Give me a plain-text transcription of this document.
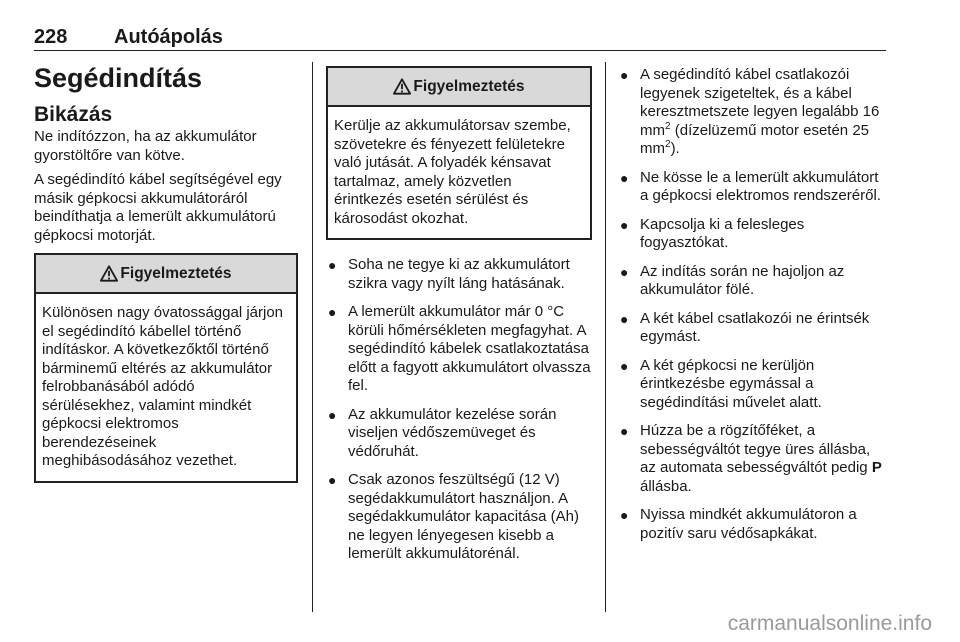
228 Autóápolás
Segédindítás
Bikázás

Ne indítózzon, ha az akkumulátor gyorstöltőre van kötve.

A segédindító kábel segítségével egy másik gépkocsi akkumulátoráról beindíthatja a lemerült akkumulátorú gépkocsi motorját.

Figyelmeztetés
Különösen nagy óvatossággal járjon el segédindító kábellel történő indításkor. A következőktől történő bárminemű eltérés az akkumulátor felrobbanásából adódó sérülésekhez, valamint mindkét gépkocsi elektromos berendezéseinek meghibásodásához vezethet.
Figyelmeztetés
Kerülje az akkumulátorsav szembe, szövetekre és fényezett felületekre való jutását. A folyadék kénsavat tartalmaz, amely közvetlen érintkezés esetén sérülést és károsodást okozhat.
● Soha ne tegye ki az akkumulátort szikra vagy nyílt láng hatásának.
● A lemerült akkumulátor már 0 °C körüli hőmérsékleten megfagyhat. A segédindító kábelek csatlakoztatása előtt a fagyott akkumulátort olvassza fel.
● Az akkumulátor kezelése során viseljen védőszemüveget és védőruhát.
● Csak azonos feszültségű (12 V) segédakkumulátort használjon. A segédakkumulátor kapacitása (Ah) ne legyen lényegesen kisebb a lemerült akkumulátorénál.
● A segédindító kábel csatlakozói legyenek szigeteltek, és a kábel keresztmetszete legyen legalább 16 $mm^2$ (dízelüzemű motor esetén 25 $mm^2$).
● Ne kösse le a lemerült akkumulátort a gépkocsi elektromos rendszeréről.
● Kapcsolja ki a felesleges fogyasztókat.
● Az indítás során ne hajoljon az akkumulátor fölé.
● A két kábel csatlakozói ne érintsék egymást.
● A két gépkocsi ne kerüljön érintkezésbe egymással a segédindítási művelet alatt.
● Húzza be a rögzítőféket, a sebességváltót tegye üres állásba, az automata sebességváltót pedig P állásba.
● Nyissa mindkét akkumulátoron a pozitív saru védősapkákat.
carmanualsonline.info
